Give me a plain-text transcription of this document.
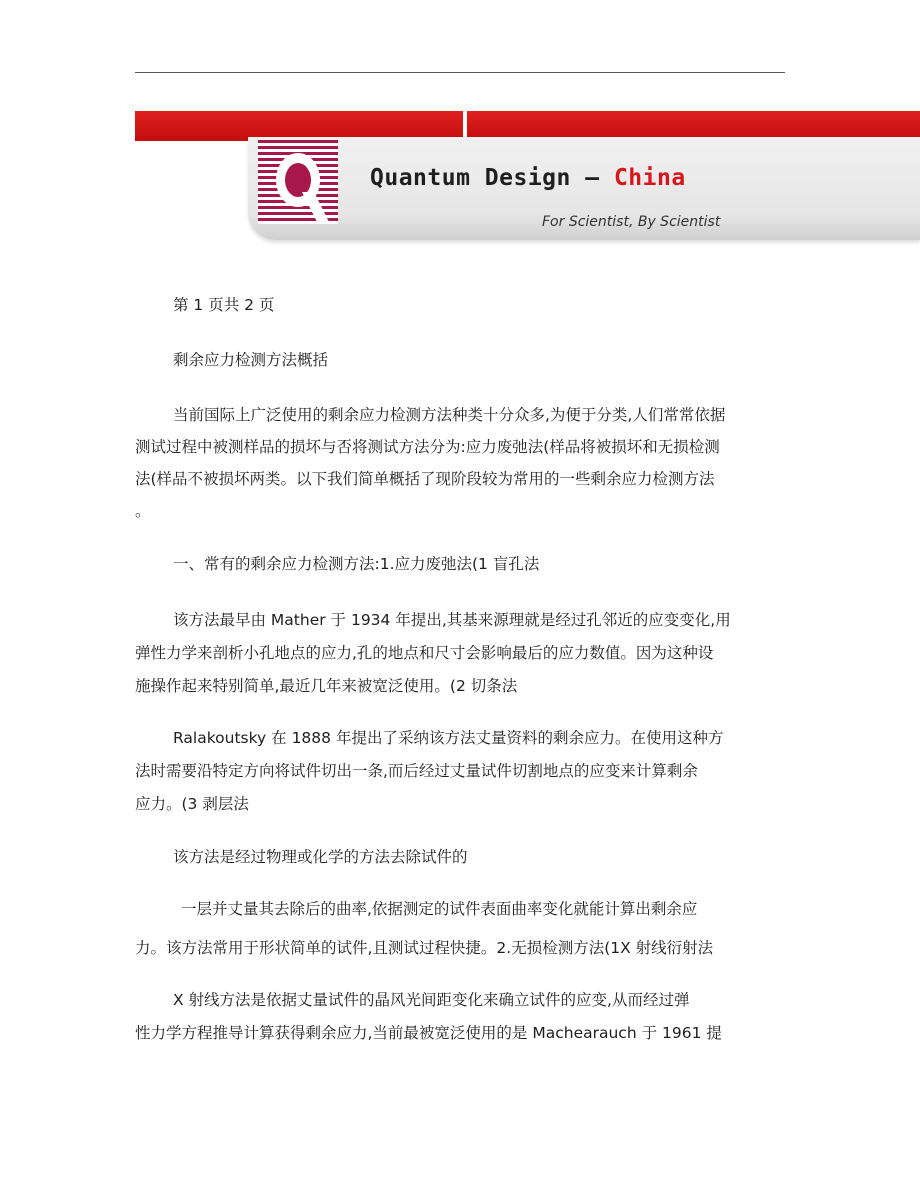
Quantum Design – China
For Scientist, By Scientist
第 1 页共 2 页
剩余应力检测方法概括
当前国际上广泛使用的剩余应力检测方法种类十分众多,为便于分类,人们常常依据
测试过程中被测样品的损坏与否将测试方法分为:应力废弛法(样品将被损坏和无损检测
法(样品不被损坏两类。以下我们简单概括了现阶段较为常用的一些剩余应力检测方法
。
一、常有的剩余应力检测方法:1.应力废弛法(1 盲孔法
该方法最早由 Mather 于 1934 年提出,其基来源理就是经过孔邻近的应变变化,用
弹性力学来剖析小孔地点的应力,孔的地点和尺寸会影响最后的应力数值。因为这种设
施操作起来特别简单,最近几年来被宽泛使用。(2 切条法
Ralakoutsky 在 1888 年提出了采纳该方法丈量资料的剩余应力。在使用这种方
法时需要沿特定方向将试件切出一条,而后经过丈量试件切割地点的应变来计算剩余
应力。(3 剥层法
该方法是经过物理或化学的方法去除试件的
一层并丈量其去除后的曲率,依据测定的试件表面曲率变化就能计算出剩余应
力。该方法常用于形状简单的试件,且测试过程快捷。2.无损检测方法(1X 射线衍射法
X 射线方法是依据丈量试件的晶风光间距变化来确立试件的应变,从而经过弹
性力学方程推导计算获得剩余应力,当前最被宽泛使用的是 Machearauch 于 1961 提
